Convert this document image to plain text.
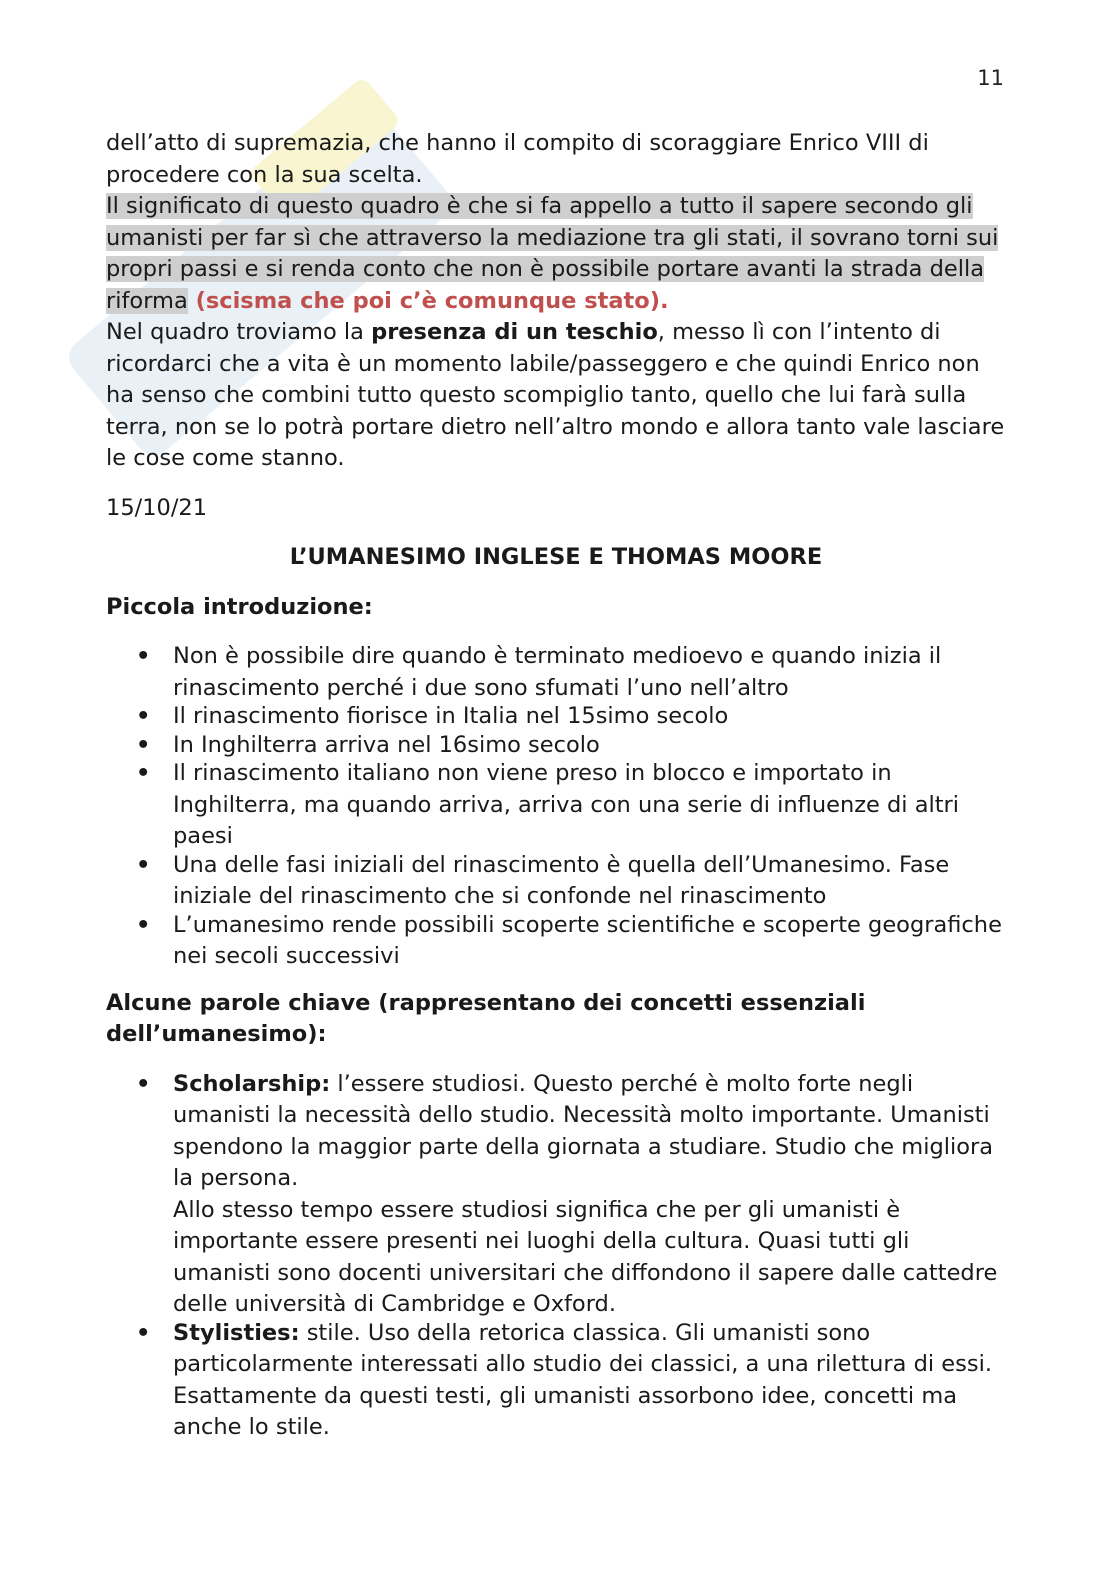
11

dell’atto di supremazia, che hanno il compito di scoraggiare Enrico VIII di procedere con la sua scelta.

Il significato di questo quadro è che si fa appello a tutto il sapere secondo gli umanisti per far sì che attraverso la mediazione tra gli stati, il sovrano torni sui propri passi e si renda conto che non è possibile portare avanti la strada della riforma (scisma che poi c’è comunque stato).

Nel quadro troviamo la presenza di un teschio, messo lì con l’intento di ricordarci che a vita è un momento labile/passeggero e che quindi Enrico non ha senso che combini tutto questo scompiglio tanto, quello che lui farà sulla terra, non se lo potrà portare dietro nell’altro mondo e allora tanto vale lasciare le cose come stanno.

15/10/21

L’UMANESIMO INGLESE E THOMAS MOORE

Piccola introduzione:

• Non è possibile dire quando è terminato medioevo e quando inizia il rinascimento perché i due sono sfumati l’uno nell’altro
• Il rinascimento fiorisce in Italia nel 15simo secolo
• In Inghilterra arriva nel 16simo secolo
• Il rinascimento italiano non viene preso in blocco e importato in Inghilterra, ma quando arriva, arriva con una serie di influenze di altri paesi
• Una delle fasi iniziali del rinascimento è quella dell’Umanesimo. Fase iniziale del rinascimento che si confonde nel rinascimento
• L’umanesimo rende possibili scoperte scientifiche e scoperte geografiche nei secoli successivi

Alcune parole chiave (rappresentano dei concetti essenziali dell’umanesimo):

• Scholarship: l’essere studiosi. Questo perché è molto forte negli umanisti la necessità dello studio. Necessità molto importante. Umanisti spendono la maggior parte della giornata a studiare. Studio che migliora la persona.
Allo stesso tempo essere studiosi significa che per gli umanisti è importante essere presenti nei luoghi della cultura. Quasi tutti gli umanisti sono docenti universitari che diffondono il sapere dalle cattedre delle università di Cambridge e Oxford.
• Stylisties: stile. Uso della retorica classica. Gli umanisti sono particolarmente interessati allo studio dei classici, a una rilettura di essi. Esattamente da questi testi, gli umanisti assorbono idee, concetti ma anche lo stile.
